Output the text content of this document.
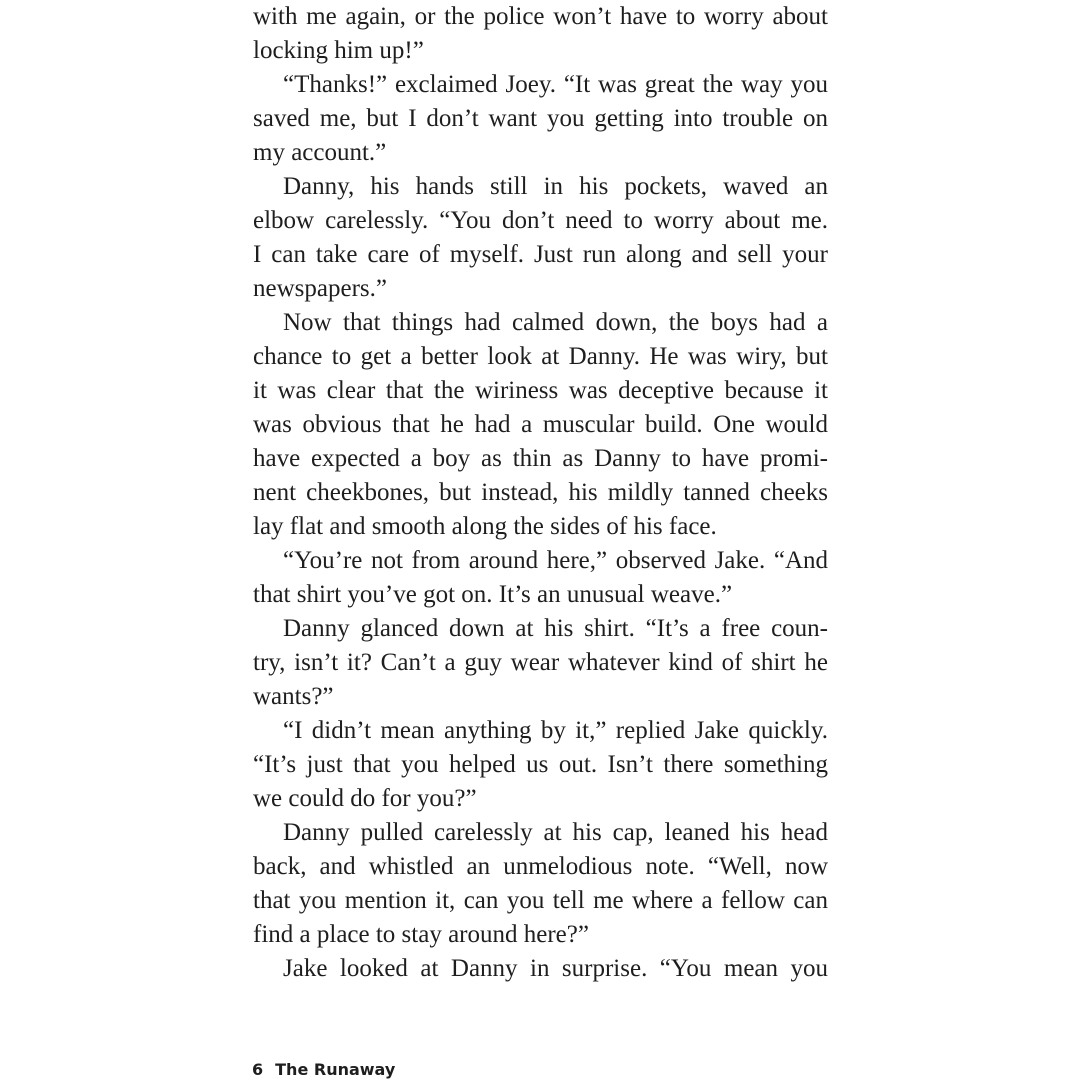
with me again, or the police won’t have to worry about
locking him up!”
“Thanks!” exclaimed Joey. “It was great the way you
saved me, but I don’t want you getting into trouble on
my account.”
Danny, his hands still in his pockets, waved an
elbow carelessly. “You don’t need to worry about me.
I can take care of myself. Just run along and sell your
newspapers.”
Now that things had calmed down, the boys had a
chance to get a better look at Danny. He was wiry, but
it was clear that the wiriness was deceptive because it
was obvious that he had a muscular build. One would
have expected a boy as thin as Danny to have promi-
nent cheekbones, but instead, his mildly tanned cheeks
lay flat and smooth along the sides of his face.
“You’re not from around here,” observed Jake. “And
that shirt you’ve got on. It’s an unusual weave.”
Danny glanced down at his shirt. “It’s a free coun-
try, isn’t it? Can’t a guy wear whatever kind of shirt he
wants?”
“I didn’t mean anything by it,” replied Jake quickly.
“It’s just that you helped us out. Isn’t there something
we could do for you?”
Danny pulled carelessly at his cap, leaned his head
back, and whistled an unmelodious note. “Well, now
that you mention it, can you tell me where a fellow can
find a place to stay around here?”
Jake looked at Danny in surprise. “You mean you
6 The Runaway
